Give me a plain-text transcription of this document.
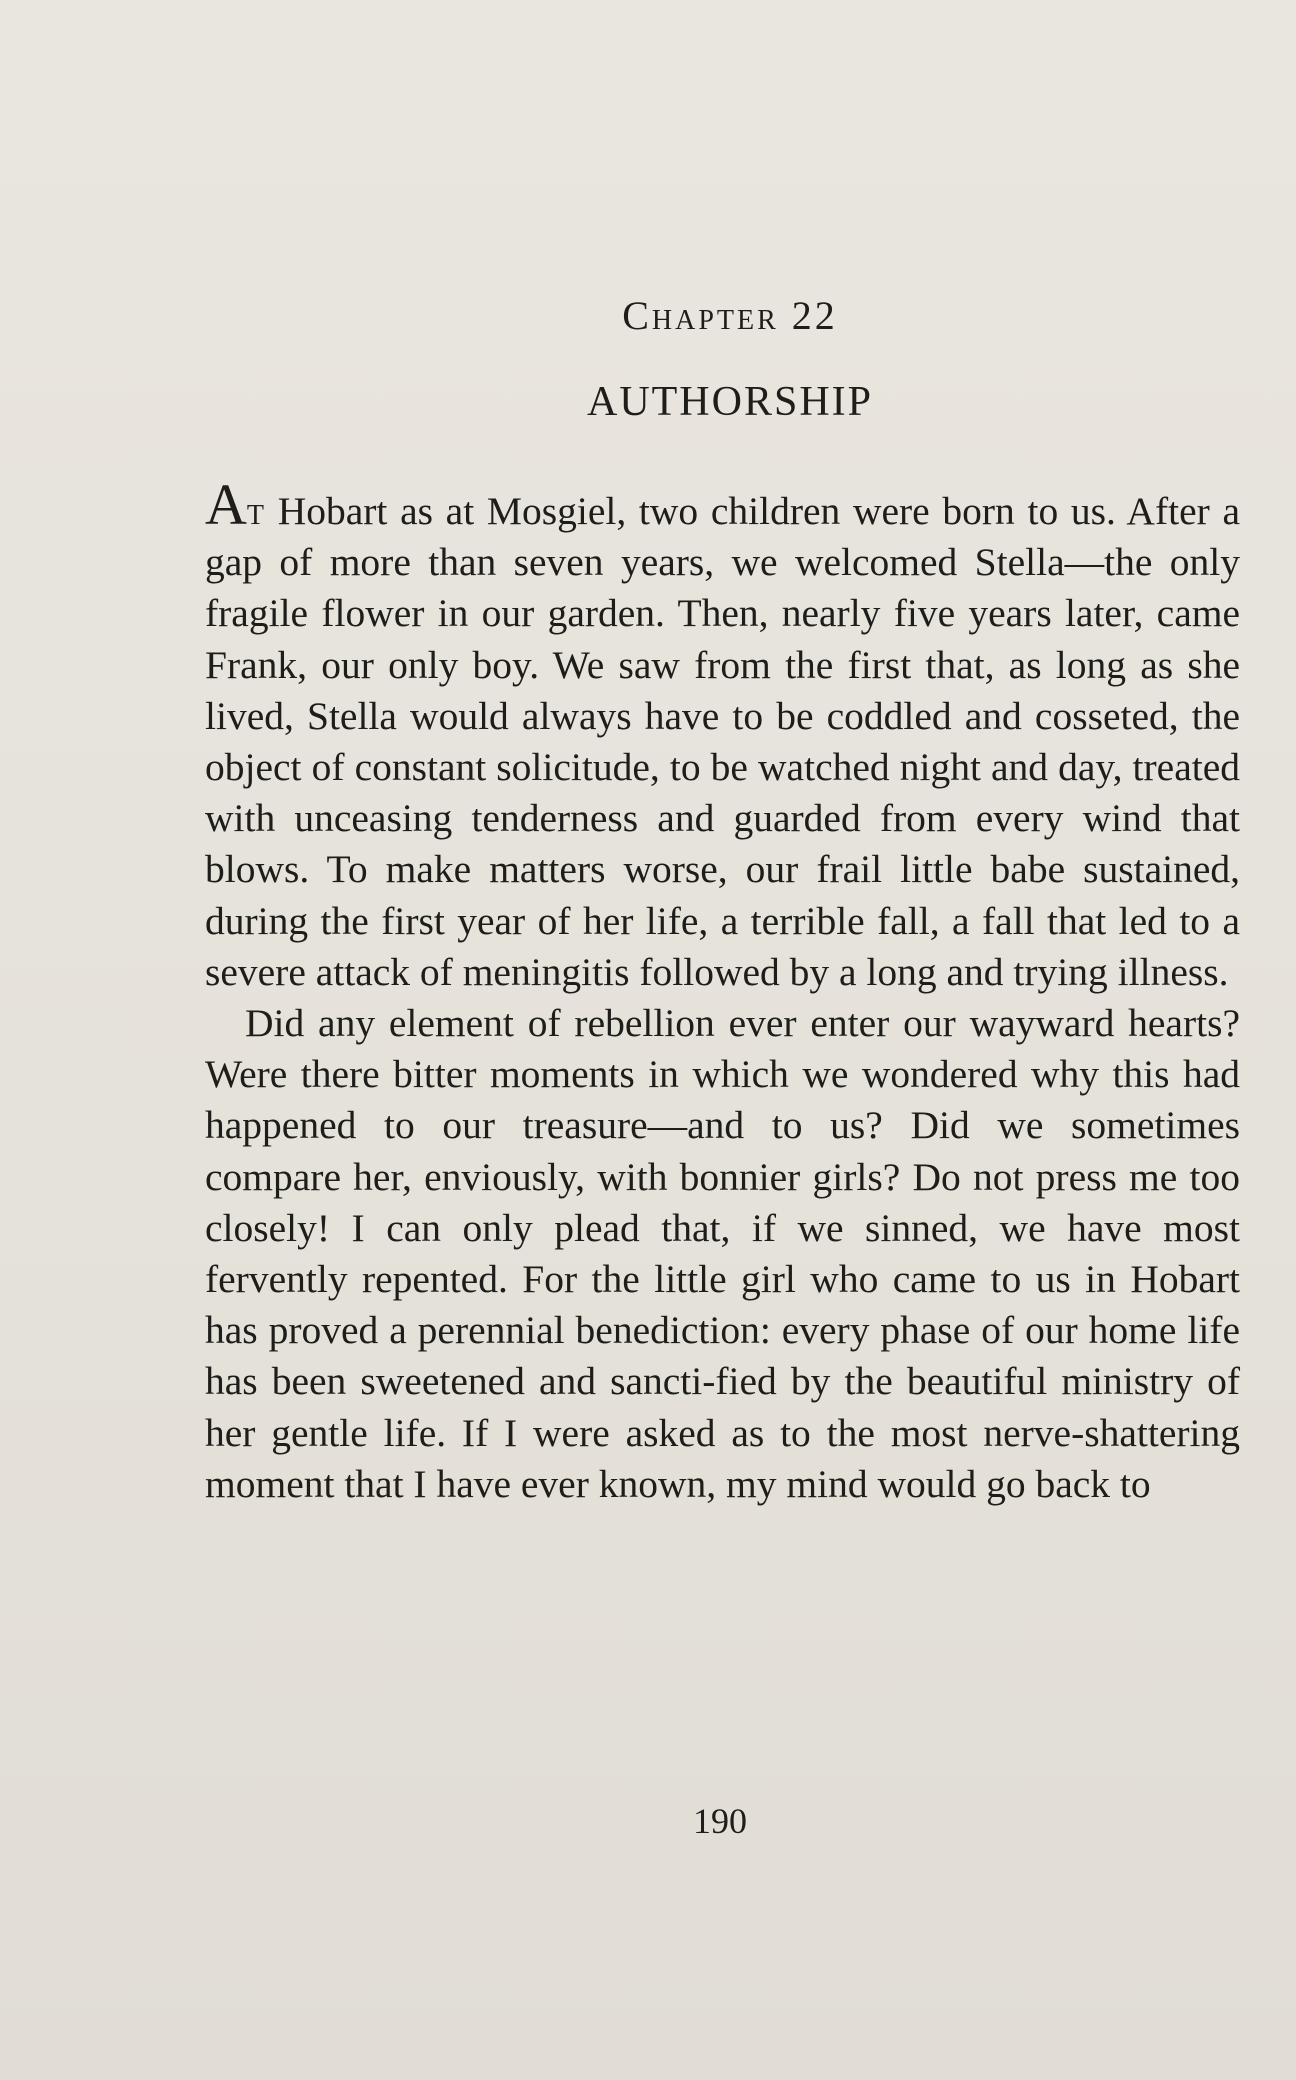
Chapter 22
AUTHORSHIP

At Hobart as at Mosgiel, two children were born to us. After a gap of more than seven years, we welcomed Stella—the only fragile flower in our garden. Then, nearly five years later, came Frank, our only boy. We saw from the first that, as long as she lived, Stella would always have to be coddled and cosseted, the object of constant solicitude, to be watched night and day, treated with unceasing tenderness and guarded from every wind that blows. To make matters worse, our frail little babe sustained, during the first year of her life, a terrible fall, a fall that led to a severe attack of meningitis followed by a long and trying illness.

Did any element of rebellion ever enter our wayward hearts? Were there bitter moments in which we wondered why this had happened to our treasure—and to us? Did we sometimes compare her, enviously, with bonnier girls? Do not press me too closely! I can only plead that, if we sinned, we have most fervently repented. For the little girl who came to us in Hobart has proved a perennial benediction: every phase of our home life has been sweetened and sancti-fied by the beautiful ministry of her gentle life. If I were asked as to the most nerve-shattering moment that I have ever known, my mind would go back to

190
